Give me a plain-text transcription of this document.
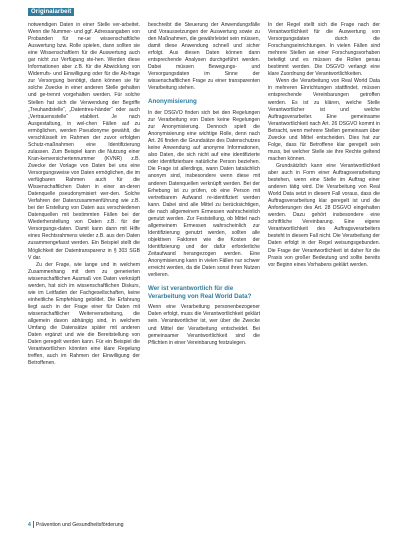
Originalarbeit

notwendigen Daten in einer Stelle ver-arbeitet. Wenn die Nummer- und ggf. Adressangaben von Probanden für ne-ue wissenschaftliche Auswertung bzw. Rolle spielen, dann sollten sie eine Wissenschaftlern für die Auswertung auch gar nicht zur Verfügung ste-hen. Werden diese Informationen aber z.B. für die Abwicklung von Widerrufs- und Einwilligung oder für die Ab-frage zur Versorgung benötigt, dann können sie für solche Zwecke in einer anderen Stelle gehalten und ge-trennt vorgehalten werden. Für solche Stellen hat sich die Verwendung der Begriffe „Treuhandstelle“, „Datentreu-händer“ oder auch „Vertrauensstelle“ etabliert. Je nach Ausgestaltung, in wel-chen Fällen auf zu ermöglichen, werden Pseudonyme gewählt, die verschlüsselt im Rahmen der zuvor erfolgten Schutz-maßnahmen eine Identifizierung zulassen. Zum Beispiel kann die Nutzung einer Kran-kenversichertennummer (KVNR) z.B. Zwecke der Vorlage von Daten bei uns eine Versorgungsweise von Daten ermöglichen, die im verfügbaren Rahmen auch für die Wissenschaftlichen Daten in einer an-deren Datenquelle pseudonymisiert wer-den. Solche Verfahren der Datenzusammenführung wie z.B. bei der Erstellung von Daten aus verschiedenen Datenquellen mit bestimmten Fällen bei der Wiederherstellung von Daten z.B. für der Versorgungs-daten. Damit kann dann mit Hilfe eines Rechtsrahmens wieder z.B. aus den Daten zusammengefasst werden. Ein Beispiel stellt die Möglichkeit der Datentransparenz in § 303 SGB V dar.

Zu der Frage, wie lange und in welchem Zusammenhang mit dem zu generierten wissenschaftlichen Ausmaß von Daten verknüpft werden, hat sich im wissenschaftlichen Diskurs, wie im Leitfaden der Fachgesellschaften, keine einheitliche Empfehlung gebildet. Die Erfahrung liegt auch in der Frage einer für Daten mit wissenschaftlicher Weiterverarbeitung, die allgemein davon abhängig sind, in welchem Umfang die Datensätze später mit anderen Daten ergänzt und wie die Bereitstellung von Daten geregelt werden kann. Für ein Beispiel die Verantwortlichen könnten eine klare Regelung treffen, auch im Rahmen der Einwilligung der Betroffenen.

beschreibt die Steuerung der Anwendungsfälle und Voraussetzungen der Auswertung sowie zu den Maßnahmen, die gewährleistet sein müssen, damit diese Anwendung schnell und sicher erfolgt. Aus diesen Daten können dann entsprechende Analysen durchgeführt werden. Dabei müssen Bewegungs- und Versorgungsdaten im Sinne der wissenschaftlichen Frage zu einer transparenten Verarbeitung stehen.

Anonymisierung

In der DSGVO finden sich bei den Regelungen zur Verarbeitung von Daten keine Regelungen zur Anonymisierung. Dennoch spielt die Anonymisierung eine wichtige Rolle, denn nach Art. 26 finden die Grundsätze des Datenschutzes keine Anwendung auf anonyme Informationen, also Daten, die sich nicht auf eine identifizierte oder identifizierbare natürliche Person beziehen. Die Frage ist allerdings, wann Daten tatsächlich anonym sind, insbesondere wenn diese mit anderen Datenquellen verknüpft werden. Bei der Erhebung ist zu prüfen, ob eine Person mit vertretbarem Aufwand re-identifiziert werden kann. Dabei sind alle Mittel zu berücksichtigen, die nach allgemeinem Ermessen wahrscheinlich genutzt werden. Zur Feststellung, ob Mittel nach allgemeinem Ermessen wahrscheinlich zur Identifizierung genutzt werden, sollten alle objektiven Faktoren wie die Kosten der Identifizierung und der dafür erforderliche Zeitaufwand herangezogen werden. Eine Anonymisierung kann in vielen Fällen nur schwer erreicht werden, da die Daten sonst ihren Nutzen verlieren.

Wer ist verantwortlich für die Verarbeitung von Real World Data?

Wenn eine Verarbeitung personenbezogener Daten erfolgt, muss die Verantwortlichkeit geklärt sein. Verantwortlicher ist, wer über die Zwecke und Mittel der Verarbeitung entscheidet. Bei gemeinsamer Verantwortlichkeit sind die Pflichten in einer Vereinbarung festzulegen.

In der Regel stellt sich die Frage nach der Verantwortlichkeit für die Auswertung von Versorgungsdaten durch die Forschungseinrichtungen. In vielen Fällen sind mehrere Stellen an einer Forschungsvorhaben beteiligt und es müssen die Rollen genau bestimmt werden. Die DSGVO verlangt eine klare Zuordnung der Verantwortlichkeiten.

Wenn die Verarbeitung von Real World Data in mehreren Einrichtungen stattfindet, müssen entsprechende Vereinbarungen getroffen werden. Es ist zu klären, welche Stelle Verantwortlicher ist und welche Auftragsverarbeiter. Eine gemeinsame Verantwortlichkeit nach Art. 26 DSGVO kommt in Betracht, wenn mehrere Stellen gemeinsam über Zwecke und Mittel entscheiden. Dies hat zur Folge, dass für Betroffene klar geregelt sein muss, bei welcher Stelle sie ihre Rechte geltend machen können.

Grundsätzlich kann eine Verantwortlichkeit aber auch in Form einer Auftragsverarbeitung bestehen, wenn eine Stelle im Auftrag einer anderen tätig wird. Die Verarbeitung von Real World Data setzt in diesem Fall voraus, dass die Auftragsverarbeitung klar geregelt ist und die Anforderungen des Art. 28 DSGVO eingehalten werden. Dazu gehört insbesondere eine schriftliche Vereinbarung. Eine eigene Verantwortlichkeit des Auftragsverarbeiters besteht in diesem Fall nicht. Die Verarbeitung der Daten erfolgt in der Regel weisungsgebunden. Die Frage der Verantwortlichkeit ist daher für die Praxis von großer Bedeutung und sollte bereits vor Beginn eines Vorhabens geklärt werden.

4 Prävention und Gesundheitsförderung
